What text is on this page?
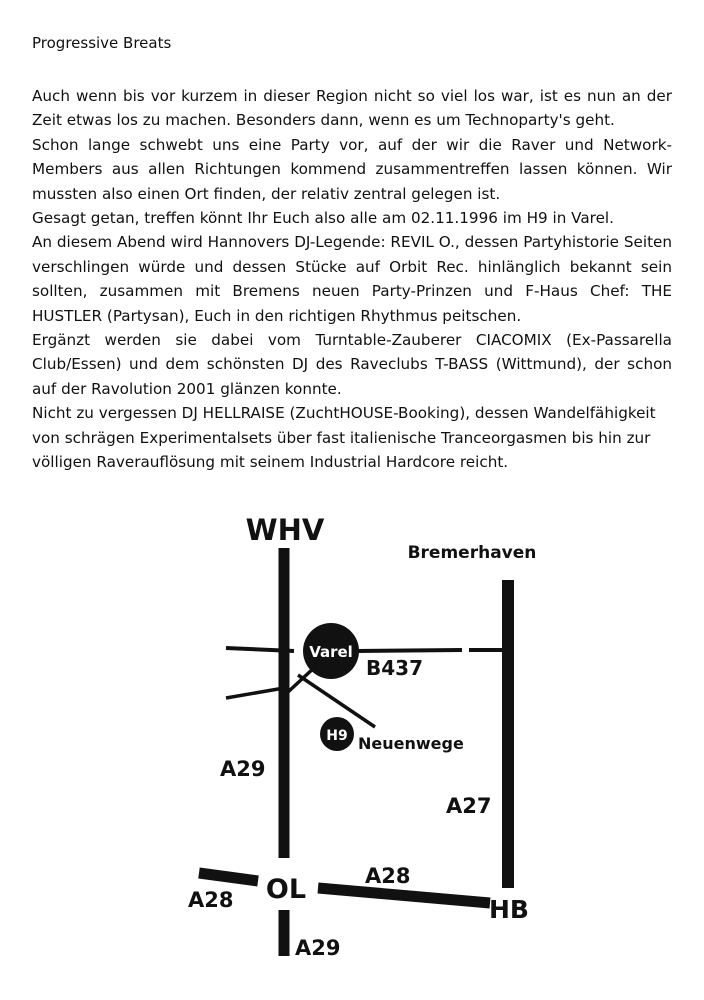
Progressive Breats

Auch wenn bis vor kurzem in dieser Region nicht so viel los war, ist es nun an der Zeit etwas los zu machen. Besonders dann, wenn es um Technoparty's geht.

Schon lange schwebt uns eine Party vor, auf der wir die Raver und Network-Members aus allen Richtungen kommend zusammentreffen lassen können. Wir mussten also einen Ort finden, der relativ zentral gelegen ist.

Gesagt getan, treffen könnt Ihr Euch also alle am 02.11.1996 im H9 in Varel.

An diesem Abend wird Hannovers DJ-Legende: REVIL O., dessen Partyhistorie Seiten verschlingen würde und dessen Stücke auf Orbit Rec. hinlänglich bekannt sein sollten, zusammen mit Bremens neuen Party-Prinzen und F-Haus Chef: THE HUSTLER (Partysan), Euch in den richtigen Rhythmus peitschen.

Ergänzt werden sie dabei vom Turntable-Zauberer CIACOMIX (Ex-Passarella Club/Essen) und dem schönsten DJ des Raveclubs T-BASS (Wittmund), der schon auf der Ravolution 2001 glänzen konnte.

Nicht zu vergessen DJ HELLRAISE (ZuchtHOUSE-Booking), dessen Wandelfähigkeit von schrägen Experimentalsets über fast italienische Tranceorgasmen bis hin zur völligen Raverauflösung mit seinem Industrial Hardcore reicht.

Varel
H9
WHV
Bremerhaven
B437
Neuenwege
A29
A27
A28 OL	A28
HB
A29
